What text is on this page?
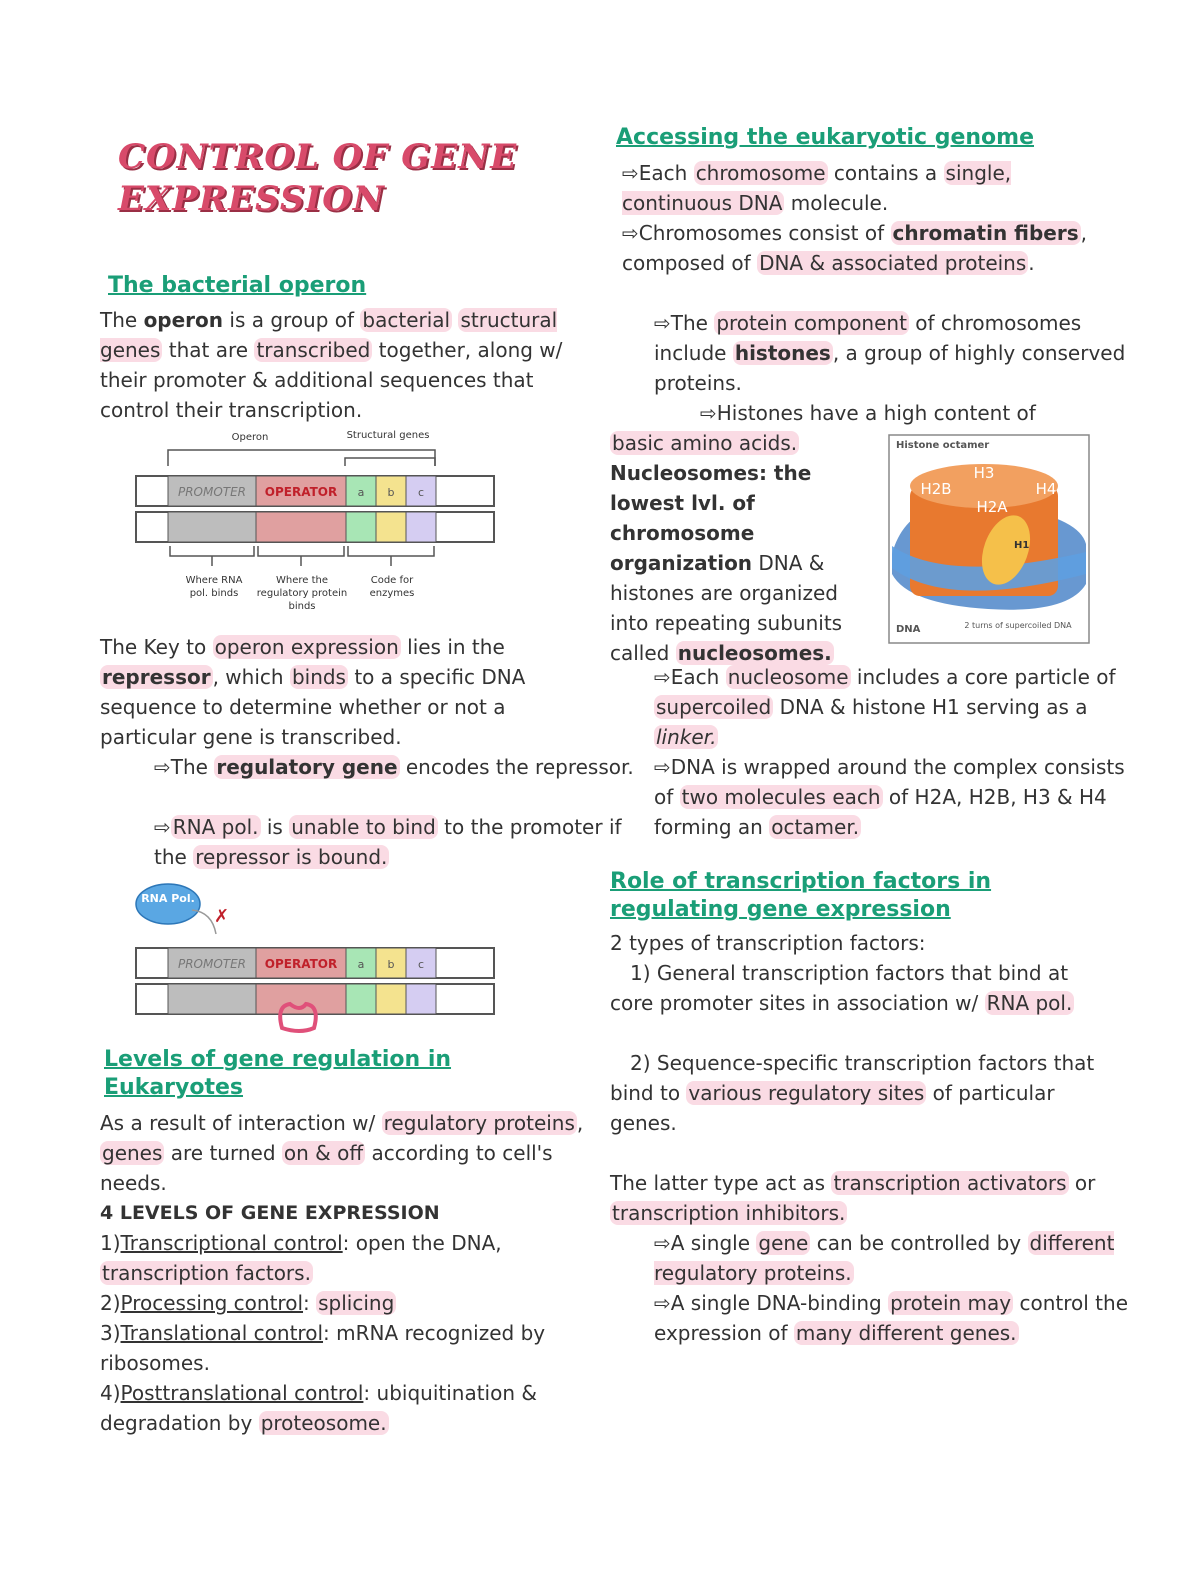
CONTROL OF GENE
EXPRESSION
The bacterial operon
The operon is a group of bacterial structural genes that are transcribed together, along w/ their promoter & additional sequences that control their transcription.
Operon	Structural genes
PROMOTER OPERATOR a b c
Where RNA pol. binds
Where the regulatory protein binds
Code for enzymes
The Key to operon expression lies in the repressor , which binds to a specific DNA sequence to determine whether or not a particular gene is transcribed.
⇨The regulatory gene encodes the repressor.
⇨ RNA pol. is unable to bind to the promoter if the repressor is bound.
RNA Pol.
✗
PROMOTER OPERATOR a b c
Levels of gene regulation in Eukaryotes
As a result of interaction w/ regulatory proteins , genes are turned on & off according to cell's needs.
4 LEVELS OF GENE EXPRESSION
1)Transcriptional control: open the DNA, transcription factors.
2)Processing control: splicing
3)Translational control: mRNA recognized by ribosomes.
4)Posttranslational control: ubiquitination & degradation by proteosome.
Accessing the eukaryotic genome
⇨Each chromosome contains a single, continuous DNA molecule.
⇨Chromosomes consist of chromatin fibers , composed of DNA & associated proteins .
⇨The protein component of chromosomes include histones , a group of highly conserved proteins.
⇨Histones have a high content of basic amino acids.
Nucleosomes: the lowest lvl. of chromosome organization DNA & histones are organized into repeating subunits called nucleosomes.
Histone octamer
H3
H2B
H2A
H4
H1
DNA	2 turns of supercoiled DNA
⇨Each nucleosome includes a core particle of supercoiled DNA & histone H1 serving as a linker.
⇨DNA is wrapped around the complex consists of two molecules each of H2A, H2B, H3 & H4 forming an octamer.
Role of transcription factors in regulating gene expression
2 types of transcription factors:
1) General transcription factors that bind at core promoter sites in association w/ RNA pol.
2) Sequence-specific transcription factors that bind to various regulatory sites of particular genes.
The latter type act as transcription activators or transcription inhibitors.
⇨A single gene can be controlled by different regulatory proteins.
⇨A single DNA-binding protein may control the expression of many different genes.
